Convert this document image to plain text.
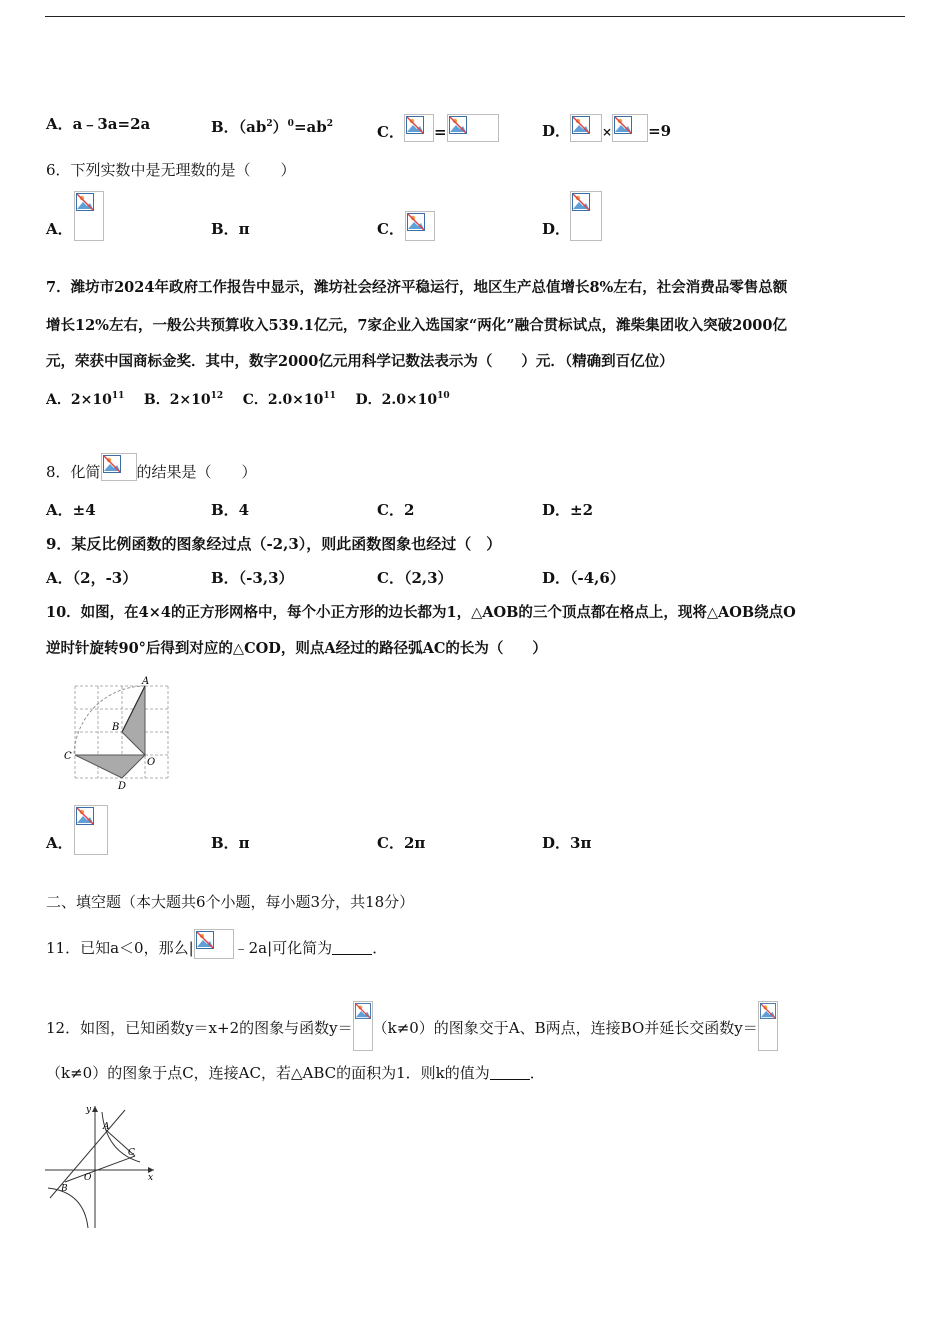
A．a﹣3a=2a	B．$(ab^2)^0=ab^2$	C． =	D．	× =9
6．下列实数中是无理数的是（　　）
A．	B．π	C．	D．
7．潍坊市2024年政府工作报告中显示，潍坊社会经济平稳运行，地区生产总值增长8%左右，社会消费品零售总额
增长12%左右，一般公共预算收入539.1亿元，7家企业入选国家“两化”融合贯标试点，潍柴集团收入突破2000亿
元，荣获中国商标金奖．其中，数字2000亿元用科学记数法表示为（　　）元．（精确到百亿位）
A．$2\times 10^{11}$ B．$2\times 10^{12}$ C．$2.0\times 10^{11}$ D．$2.0\times 10^{10}$
8．化简 的结果是（　　）
A．±4	B．4	C．2	D．±2
9．某反比例函数的图象经过点（-2,3），则此函数图象也经过（　）
A．（2，-3）	B．（-3,3）	C．（2,3）	D．（-4,6）
10．如图，在4×4的正方形网格中，每个小正方形的边长都为1，△AOB的三个顶点都在格点上，现将△AOB绕点O
逆时针旋转90°后得到对应的△COD，则点A经过的路径弧AC的长为（　　）
A
B
C
D
O
A．	B．π	C．2π	D．3π
二、填空题（本大题共6个小题，每小题3分，共18分）
11．已知a＜0，那么|	﹣2a|可化简为	．
12．如图，已知函数y＝x+2的图象与函数y＝ （k≠0）的图象交于A、B两点，连接BO并延长交函数y＝
（k≠0）的图象于点C，连接AC，若△ABC的面积为1．则k的值为	．
y
x
A
C
O
B
